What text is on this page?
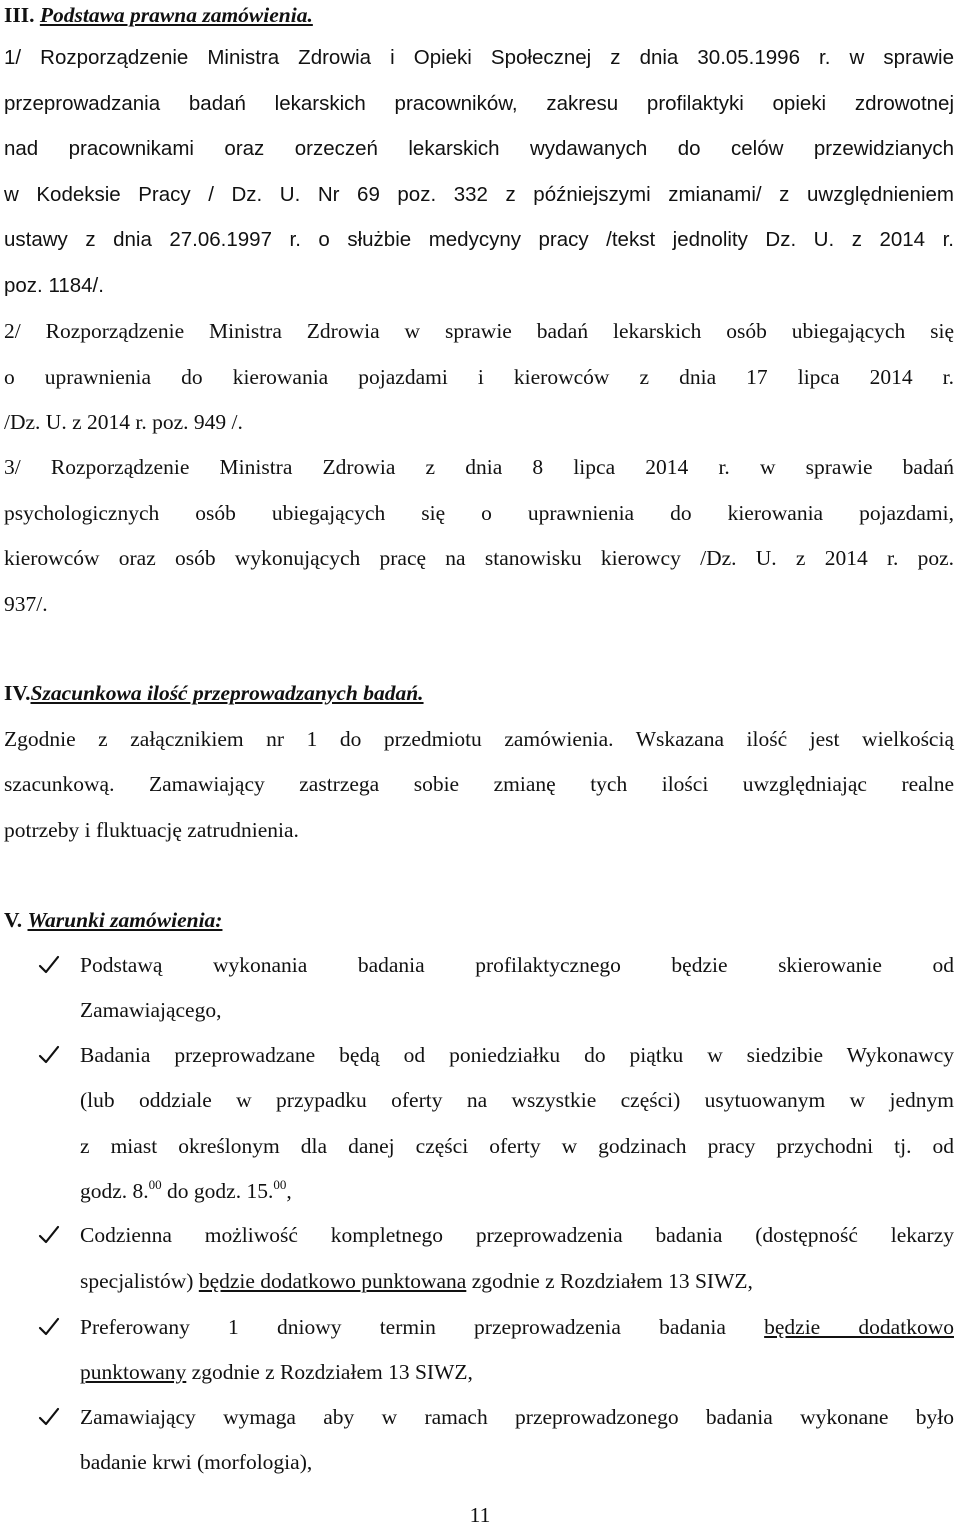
III. Podstawa prawna zamówienia.
1/ Rozporządzenie Ministra Zdrowia i Opieki Społecznej z dnia 30.05.1996 r. w sprawie
przeprowadzania badań lekarskich pracowników, zakresu profilaktyki opieki zdrowotnej
nad pracownikami oraz orzeczeń lekarskich wydawanych do celów przewidzianych
w Kodeksie Pracy / Dz. U. Nr 69 poz. 332 z późniejszymi zmianami/ z uwzględnieniem
ustawy z dnia 27.06.1997 r. o służbie medycyny pracy /tekst jednolity Dz. U. z 2014 r.
poz. 1184/.
2/ Rozporządzenie Ministra Zdrowia w sprawie badań lekarskich osób ubiegających się
o uprawnienia do kierowania pojazdami i kierowców z dnia 17 lipca 2014 r.
/Dz. U. z 2014 r. poz. 949 /.
3/ Rozporządzenie Ministra Zdrowia z dnia 8 lipca 2014 r. w sprawie badań
psychologicznych osób ubiegających się o uprawnienia do kierowania pojazdami,
kierowców oraz osób wykonujących pracę na stanowisku kierowcy /Dz. U. z 2014 r. poz.
937/.
IV.Szacunkowa ilość przeprowadzanych badań.
Zgodnie z załącznikiem nr 1 do przedmiotu zamówienia. Wskazana ilość jest wielkością
szacunkową. Zamawiający zastrzega sobie zmianę tych ilości uwzględniając realne
potrzeby i fluktuację zatrudnienia.
V. Warunki zamówienia:
Podstawą wykonania badania profilaktycznego będzie skierowanie od
Zamawiającego,
Badania przeprowadzane będą od poniedziałku do piątku w siedzibie Wykonawcy
(lub oddziale w przypadku oferty na wszystkie części) usytuowanym w jednym
z miast określonym dla danej części oferty w godzinach pracy przychodni tj. od
godz. 8.00 do godz. 15.00,
Codzienna możliwość kompletnego przeprowadzenia badania (dostępność lekarzy
specjalistów) będzie dodatkowo punktowana zgodnie z Rozdziałem 13 SIWZ,
Preferowany 1 dniowy termin przeprowadzenia badania będzie dodatkowo
punktowany zgodnie z Rozdziałem 13 SIWZ,
Zamawiający wymaga aby w ramach przeprowadzonego badania wykonane było
badanie krwi (morfologia),
11
